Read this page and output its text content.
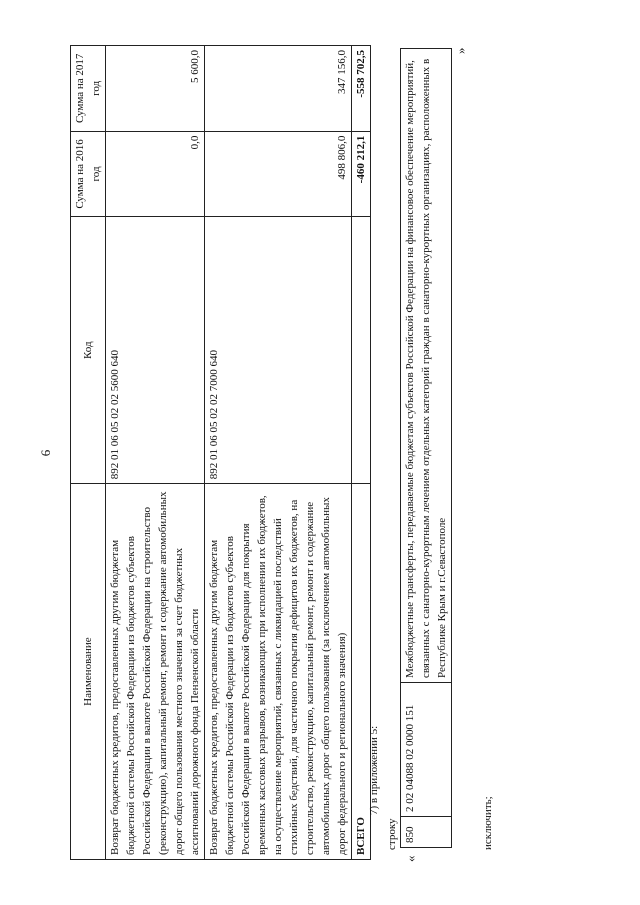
6
Наименование	Код	Сумма на 2016 год	Сумма на 2017 год
Возврат бюджетных кредитов, предоставленных другим бюджетам бюджетной системы Российской Федерации из бюджетов субъектов Российской Федерации в валюте Российской Федерации на строительство (реконструкцию), капитальный ремонт, ремонт и содержание автомобильных дорог общего пользования местного значения за счет бюджетных ассигнований дорожного фонда Пензенской области	892 01 06 05 02 02 5600 640	0,0	5 600,0
Возврат бюджетных кредитов, предоставленных другим бюджетам бюджетной системы Российской Федерации из бюджетов субъектов Российской Федерации в валюте Российской Федерации для покрытия временных кассовых разрывов, возникающих при исполнении их бюджетов, на осуществление мероприятий, связанных с ликвидацией последствий стихийных бедствий, для частичного покрытия дефицитов их бюджетов, на строительство, реконструкцию, капитальный ремонт, ремонт и содержание автомобильных дорог общего пользования (за исключением автомобильных дорог федерального и регионального значения)	892 01 06 05 02 02 7000 640	498 806,0	347 156,0
ВСЕГО		-460 212,1	-558 702,5
7) в приложении 5:
строку
«
850	2 02 04088 02 0000 151	Межбюджетные трансферты, передаваемые бюджетам субъектов Российской Федерации на финансовое обеспечение мероприятий, связанных с санаторно-курортным лечением отдельных категорий граждан в санаторно-курортных организациях, расположенных в Республике Крым и г.Севастополе
»
исключить;
